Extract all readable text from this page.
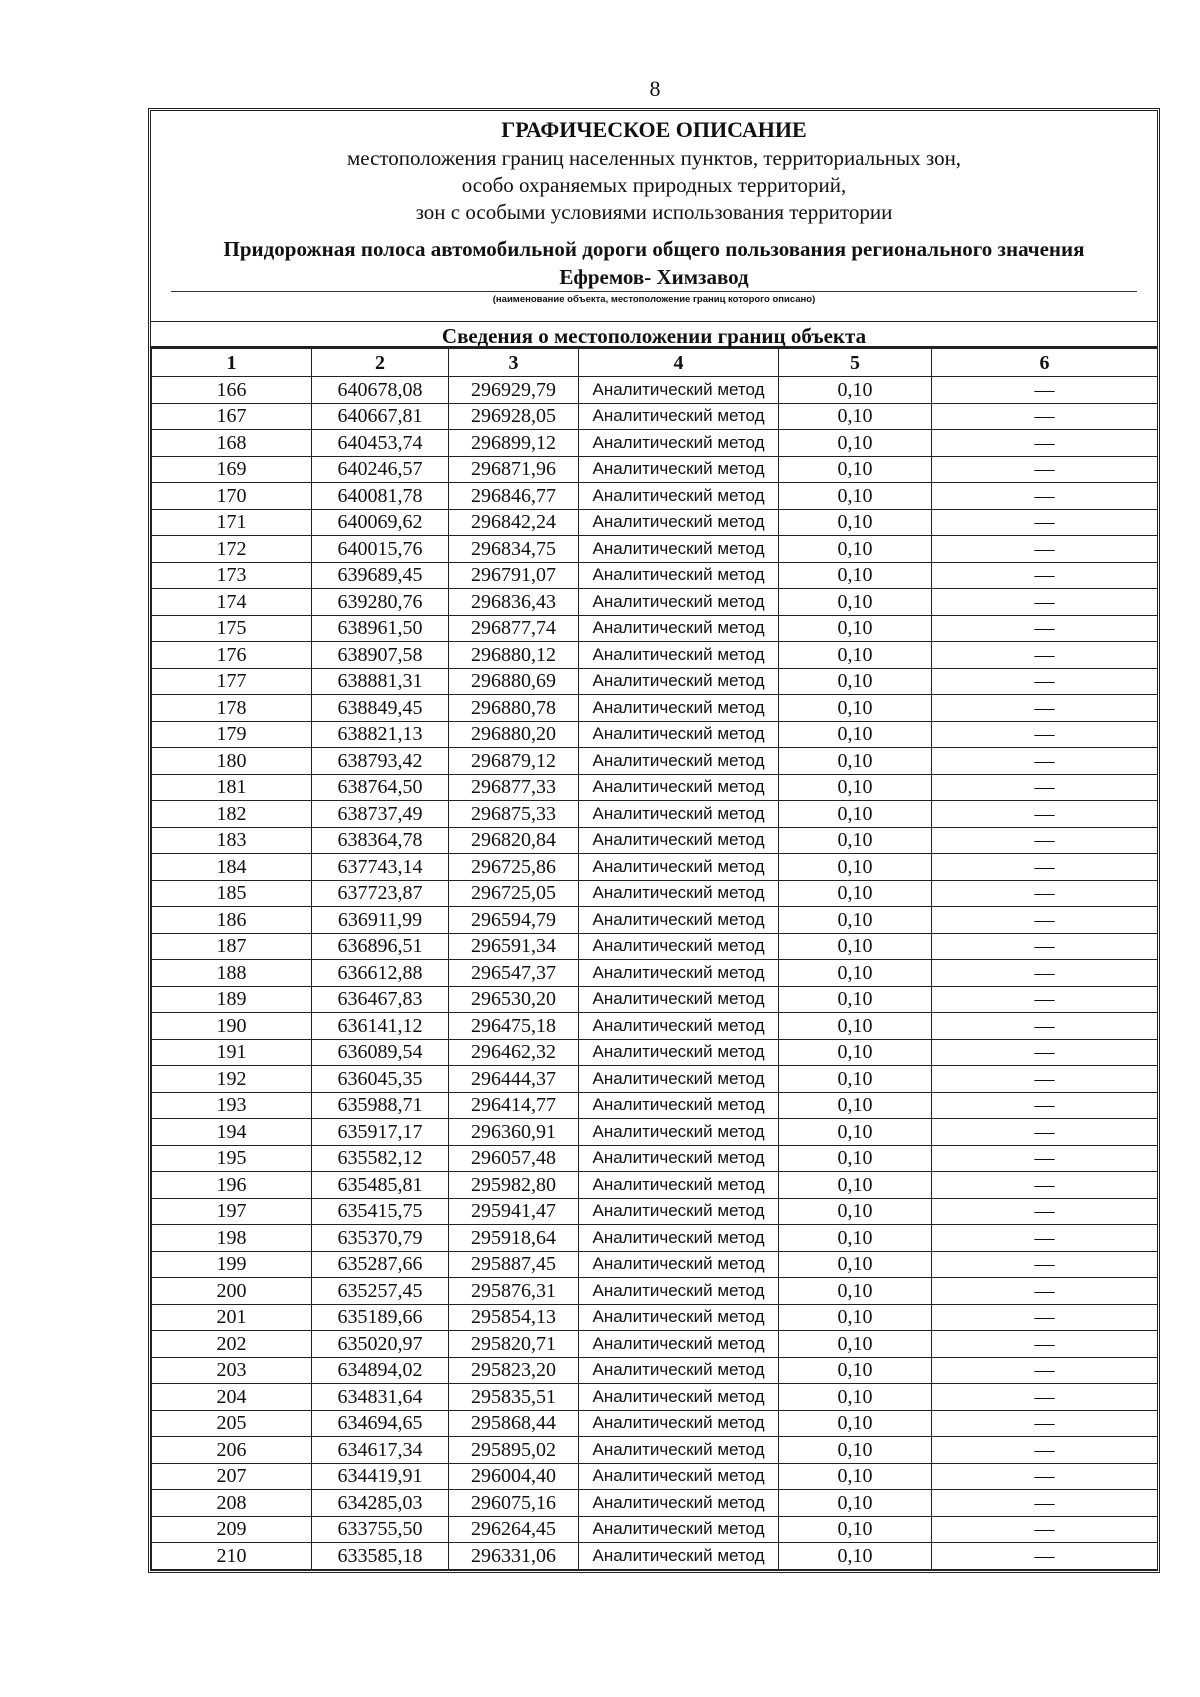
8
ГРАФИЧЕСКОЕ ОПИСАНИЕ
местоположения границ населенных пунктов, территориальных зон,
особо охраняемых природных территорий,
зон с особыми условиями использования территории
Придорожная полоса автомобильной дороги общего пользования регионального значения
Ефремов- Химзавод
(наименование объекта, местоположение границ которого описано)
Сведения о местоположении границ объекта
1	2	3	4	5	6
166	640678,08	296929,79	Аналитический метод	0,10	—
167	640667,81	296928,05	Аналитический метод	0,10	—
168	640453,74	296899,12	Аналитический метод	0,10	—
169	640246,57	296871,96	Аналитический метод	0,10	—
170	640081,78	296846,77	Аналитический метод	0,10	—
171	640069,62	296842,24	Аналитический метод	0,10	—
172	640015,76	296834,75	Аналитический метод	0,10	—
173	639689,45	296791,07	Аналитический метод	0,10	—
174	639280,76	296836,43	Аналитический метод	0,10	—
175	638961,50	296877,74	Аналитический метод	0,10	—
176	638907,58	296880,12	Аналитический метод	0,10	—
177	638881,31	296880,69	Аналитический метод	0,10	—
178	638849,45	296880,78	Аналитический метод	0,10	—
179	638821,13	296880,20	Аналитический метод	0,10	—
180	638793,42	296879,12	Аналитический метод	0,10	—
181	638764,50	296877,33	Аналитический метод	0,10	—
182	638737,49	296875,33	Аналитический метод	0,10	—
183	638364,78	296820,84	Аналитический метод	0,10	—
184	637743,14	296725,86	Аналитический метод	0,10	—
185	637723,87	296725,05	Аналитический метод	0,10	—
186	636911,99	296594,79	Аналитический метод	0,10	—
187	636896,51	296591,34	Аналитический метод	0,10	—
188	636612,88	296547,37	Аналитический метод	0,10	—
189	636467,83	296530,20	Аналитический метод	0,10	—
190	636141,12	296475,18	Аналитический метод	0,10	—
191	636089,54	296462,32	Аналитический метод	0,10	—
192	636045,35	296444,37	Аналитический метод	0,10	—
193	635988,71	296414,77	Аналитический метод	0,10	—
194	635917,17	296360,91	Аналитический метод	0,10	—
195	635582,12	296057,48	Аналитический метод	0,10	—
196	635485,81	295982,80	Аналитический метод	0,10	—
197	635415,75	295941,47	Аналитический метод	0,10	—
198	635370,79	295918,64	Аналитический метод	0,10	—
199	635287,66	295887,45	Аналитический метод	0,10	—
200	635257,45	295876,31	Аналитический метод	0,10	—
201	635189,66	295854,13	Аналитический метод	0,10	—
202	635020,97	295820,71	Аналитический метод	0,10	—
203	634894,02	295823,20	Аналитический метод	0,10	—
204	634831,64	295835,51	Аналитический метод	0,10	—
205	634694,65	295868,44	Аналитический метод	0,10	—
206	634617,34	295895,02	Аналитический метод	0,10	—
207	634419,91	296004,40	Аналитический метод	0,10	—
208	634285,03	296075,16	Аналитический метод	0,10	—
209	633755,50	296264,45	Аналитический метод	0,10	—
210	633585,18	296331,06	Аналитический метод	0,10	—
